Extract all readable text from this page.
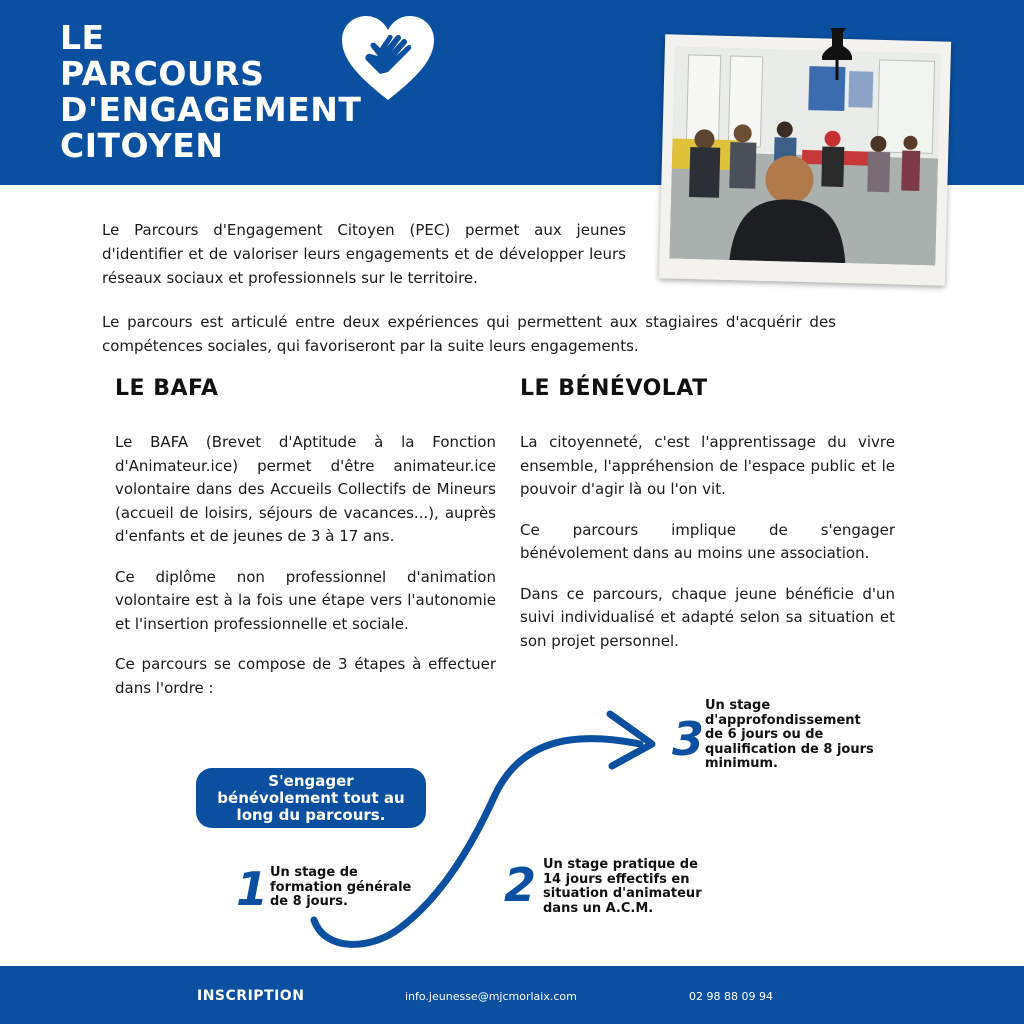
LE
PARCOURS
D'ENGAGEMENT
CITOYEN
Le Parcours d'Engagement Citoyen (PEC) permet aux jeunes d'identifier et de valoriser leurs engagements et de développer leurs réseaux sociaux et professionnels sur le territoire.
Le parcours est articulé entre deux expériences qui permettent aux stagiaires d'acquérir des compétences sociales, qui favoriseront par la suite leurs engagements.
LE BAFA	LE BÉNÉVOLAT

Le BAFA (Brevet d'Aptitude à la Fonction d'Animateur.ice) permet d'être animateur.ice volontaire dans des Accueils Collectifs de Mineurs (accueil de loisirs, séjours de vacances...), auprès d'enfants et de jeunes de 3 à 17 ans.

Ce diplôme non professionnel d'animation volontaire est à la fois une étape vers l'autonomie et l'insertion professionnelle et sociale.

Ce parcours se compose de 3 étapes à effectuer dans l'ordre :

La citoyenneté, c'est l'apprentissage du vivre ensemble, l'appréhension de l'espace public et le pouvoir d'agir là ou l'on vit.

Ce parcours implique de s'engager bénévolement dans au moins une association.

Dans ce parcours, chaque jeune bénéficie d'un suivi individualisé et adapté selon sa situation et son projet personnel.

S'engager bénévolement tout au long du parcours.
1 Un stage de formation générale de 8 jours.	2 Un stage pratique de 14 jours effectifs en situation d'animateur dans un A.C.M.
3
Un stage d'approfondissement de 6 jours ou de qualification de 8 jours minimum.
INSCRIPTION	info.jeunesse@mjcmorlaix.com	02 98 88 09 94
